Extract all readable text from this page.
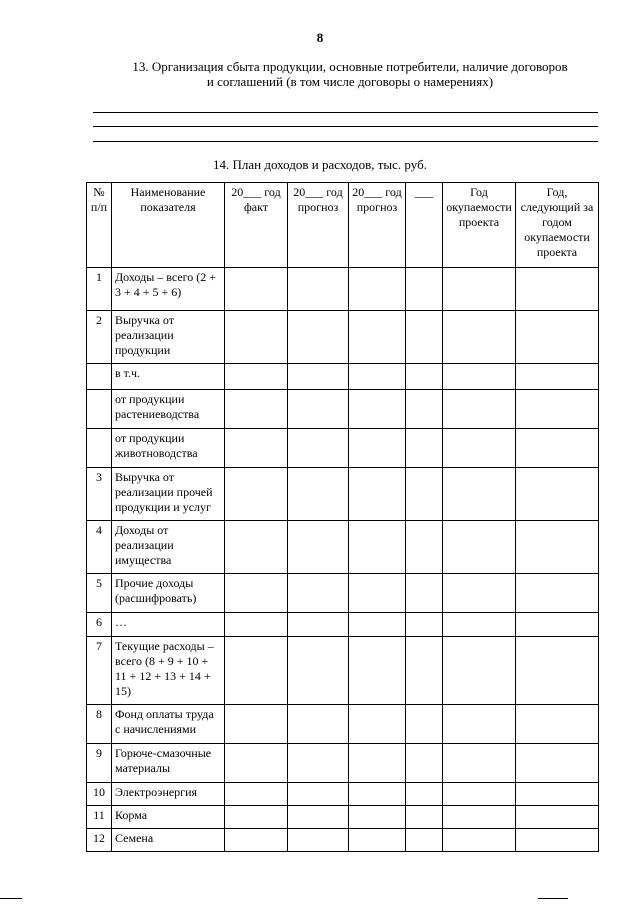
8
13. Организация сбыта продукции, основные потребители, наличие договоров
и соглашений (в том числе договоры о намерениях)
14. План доходов и расходов, тыс. руб.
№ п/п	Наименование показателя	20___ год факт	20___ год прогноз	20___ год прогноз	___	Год окупаемости проекта	Год, следующий за годом окупаемости проекта
1	Доходы – всего (2 + 3 + 4 + 5 + 6)						
2	Выручка от реализации продукции						
	в т.ч.						
	от продукции растениеводства						
	от продукции животноводства						
3	Выручка от реализации прочей продукции и услуг						
4	Доходы от реализации имущества						
5	Прочие доходы (расшифровать)						
6	…						
7	Текущие расходы – всего (8 + 9 + 10 + 11 + 12 + 13 + 14 + 15)						
8	Фонд оплаты труда с начислениями						
9	Горюче-смазочные материалы						
10	Электроэнергия						
11	Корма						
12	Семена						
